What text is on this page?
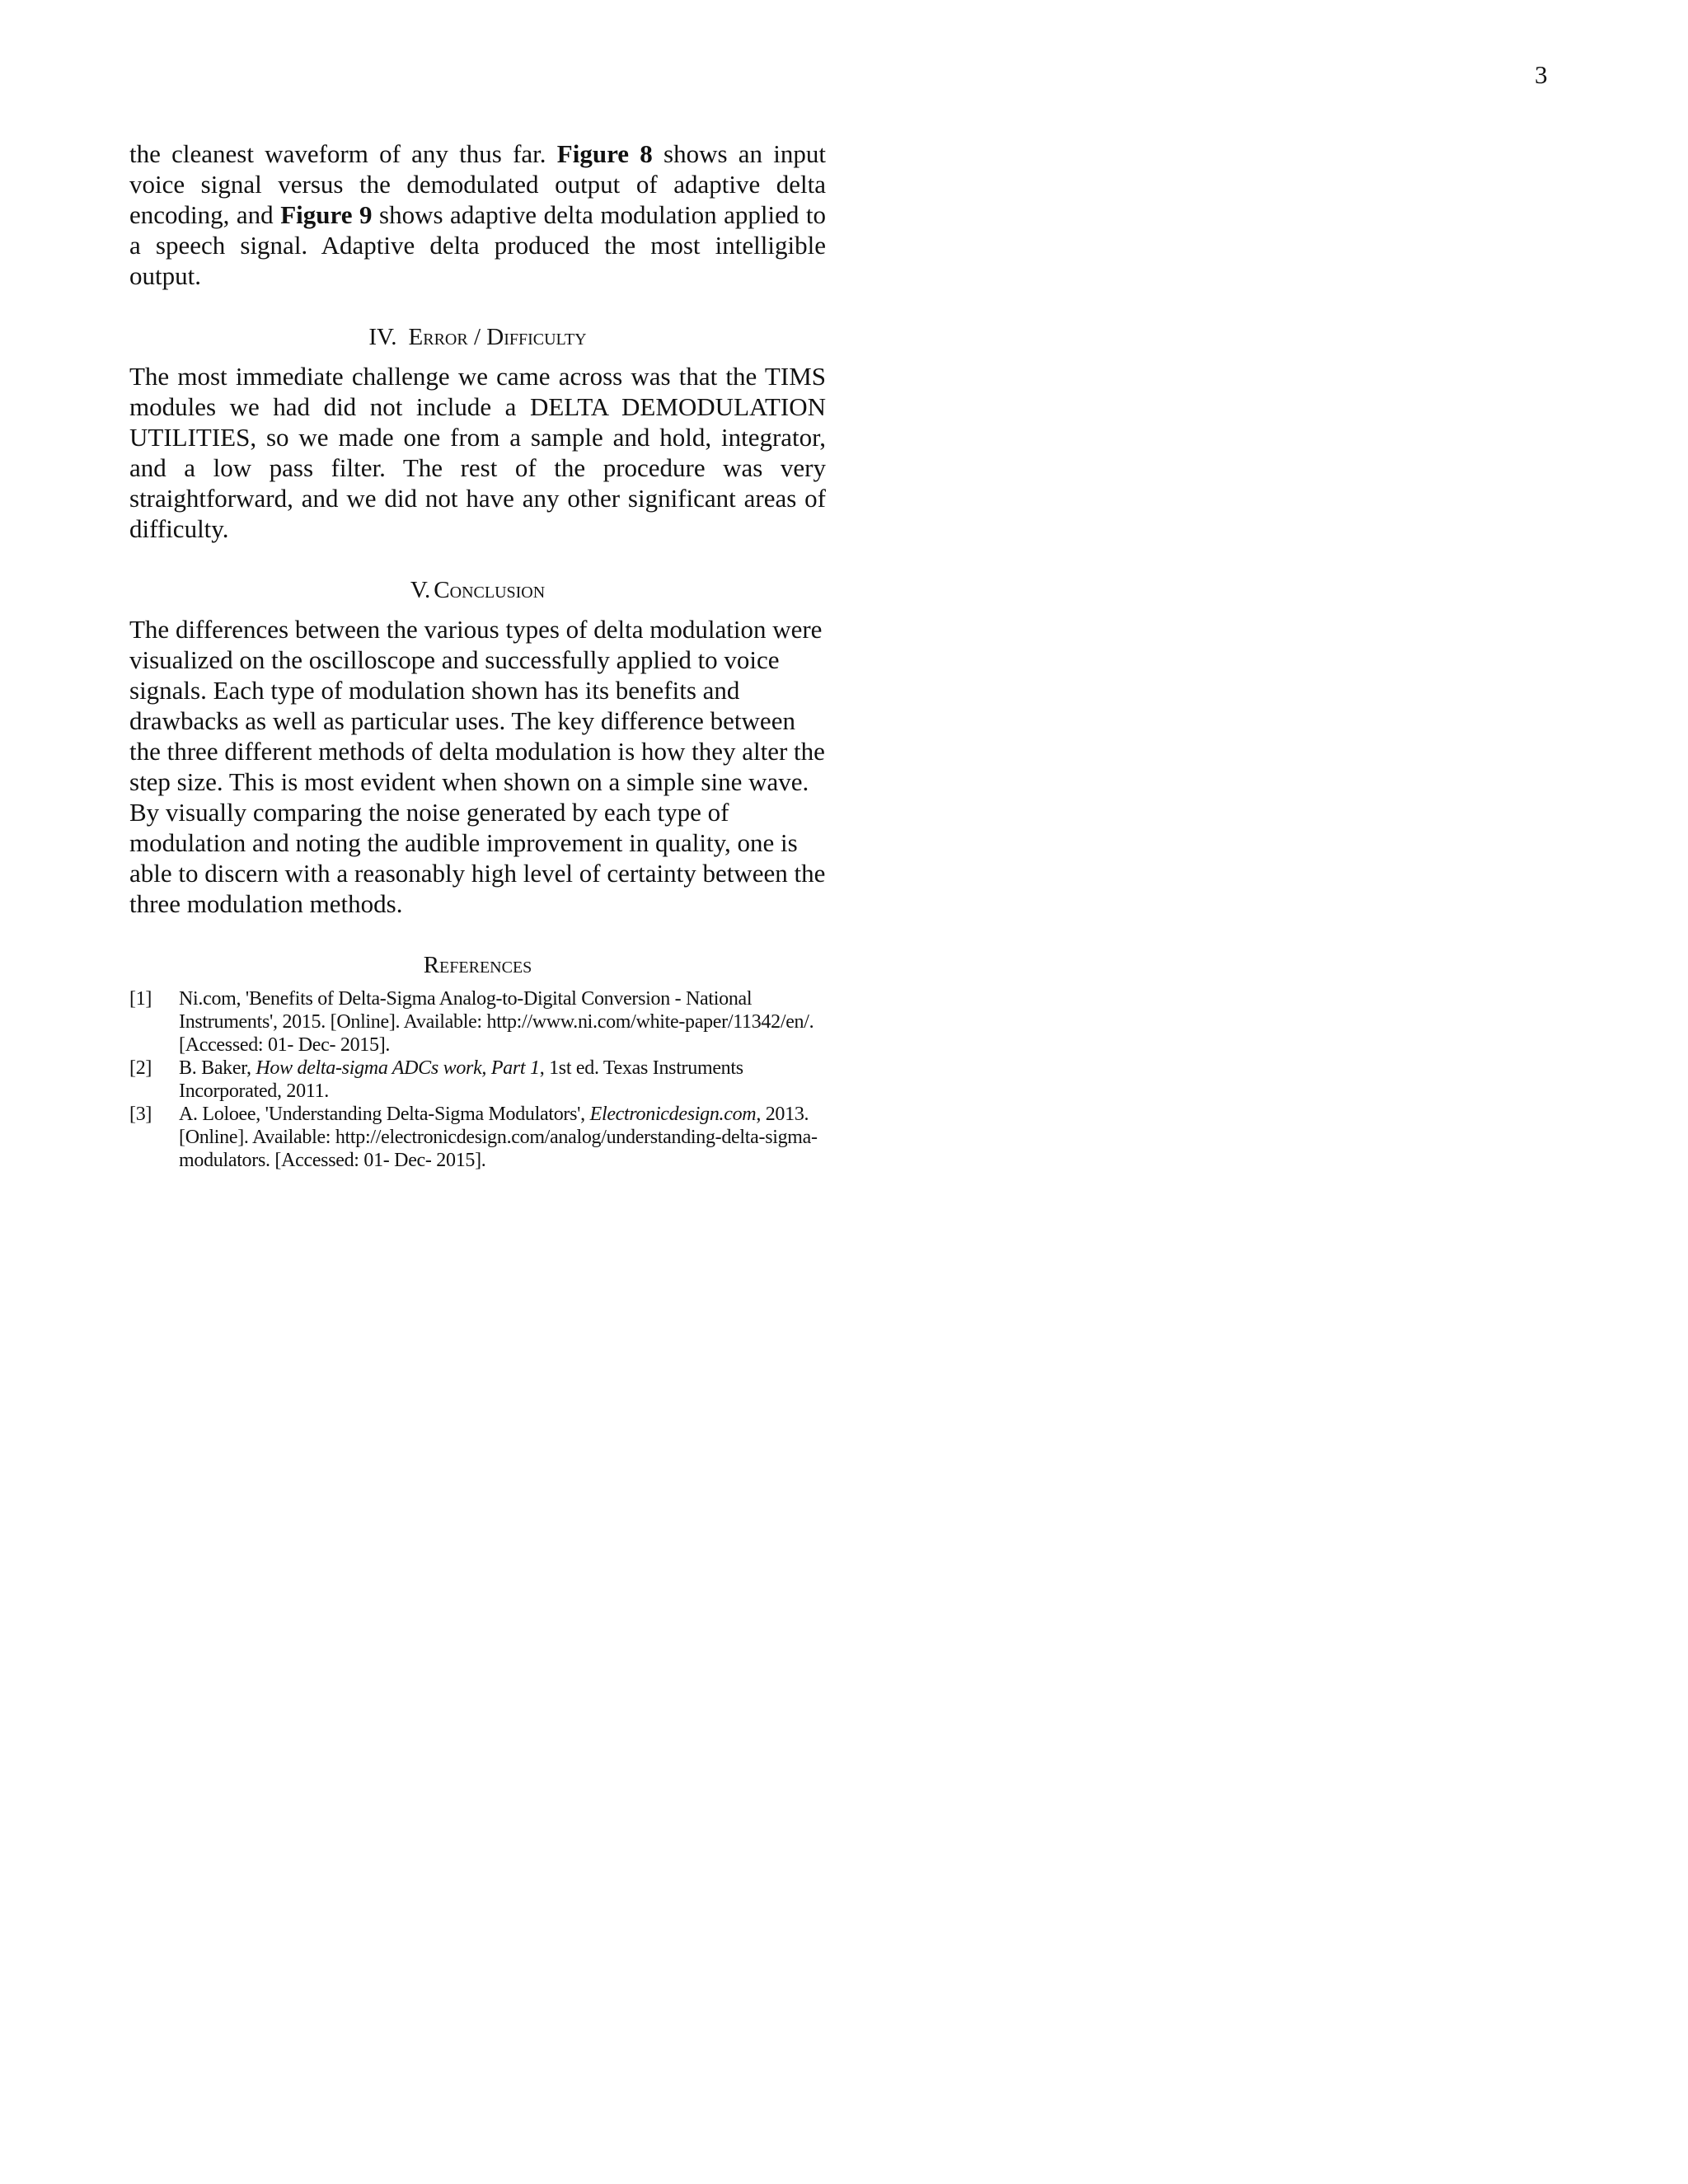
3

the cleanest waveform of any thus far. Figure 8 shows an input voice signal versus the demodulated output of adaptive delta encoding, and Figure 9 shows adaptive delta modulation applied to a speech signal. Adaptive delta produced the most intelligible output.

IV. Error / Difficulty

The most immediate challenge we came across was that the TIMS modules we had did not include a DELTA DEMODULATION UTILITIES, so we made one from a sample and hold, integrator, and a low pass filter. The rest of the procedure was very straightforward, and we did not have any other significant areas of difficulty.

V. Conclusion

The differences between the various types of delta modulation were visualized on the oscilloscope and successfully applied to voice signals. Each type of modulation shown has its benefits and drawbacks as well as particular uses. The key difference between the three different methods of delta modulation is how they alter the step size. This is most evident when shown on a simple sine wave. By visually comparing the noise generated by each type of modulation and noting the audible improvement in quality, one is able to discern with a reasonably high level of certainty between the three modulation methods.

References
[1]	Ni.com, 'Benefits of Delta-Sigma Analog-to-Digital Conversion - National Instruments', 2015. [Online]. Available: http://www.ni.com/white-paper/11342/en/. [Accessed: 01- Dec- 2015].
[2]	B. Baker, How delta-sigma ADCs work, Part 1, 1st ed. Texas Instruments Incorporated, 2011.
[3]	A. Loloee, 'Understanding Delta-Sigma Modulators', Electronicdesign.com, 2013. [Online]. Available: http://electronicdesign.com/analog/understanding-delta-sigma-modulators. [Accessed: 01- Dec- 2015].
